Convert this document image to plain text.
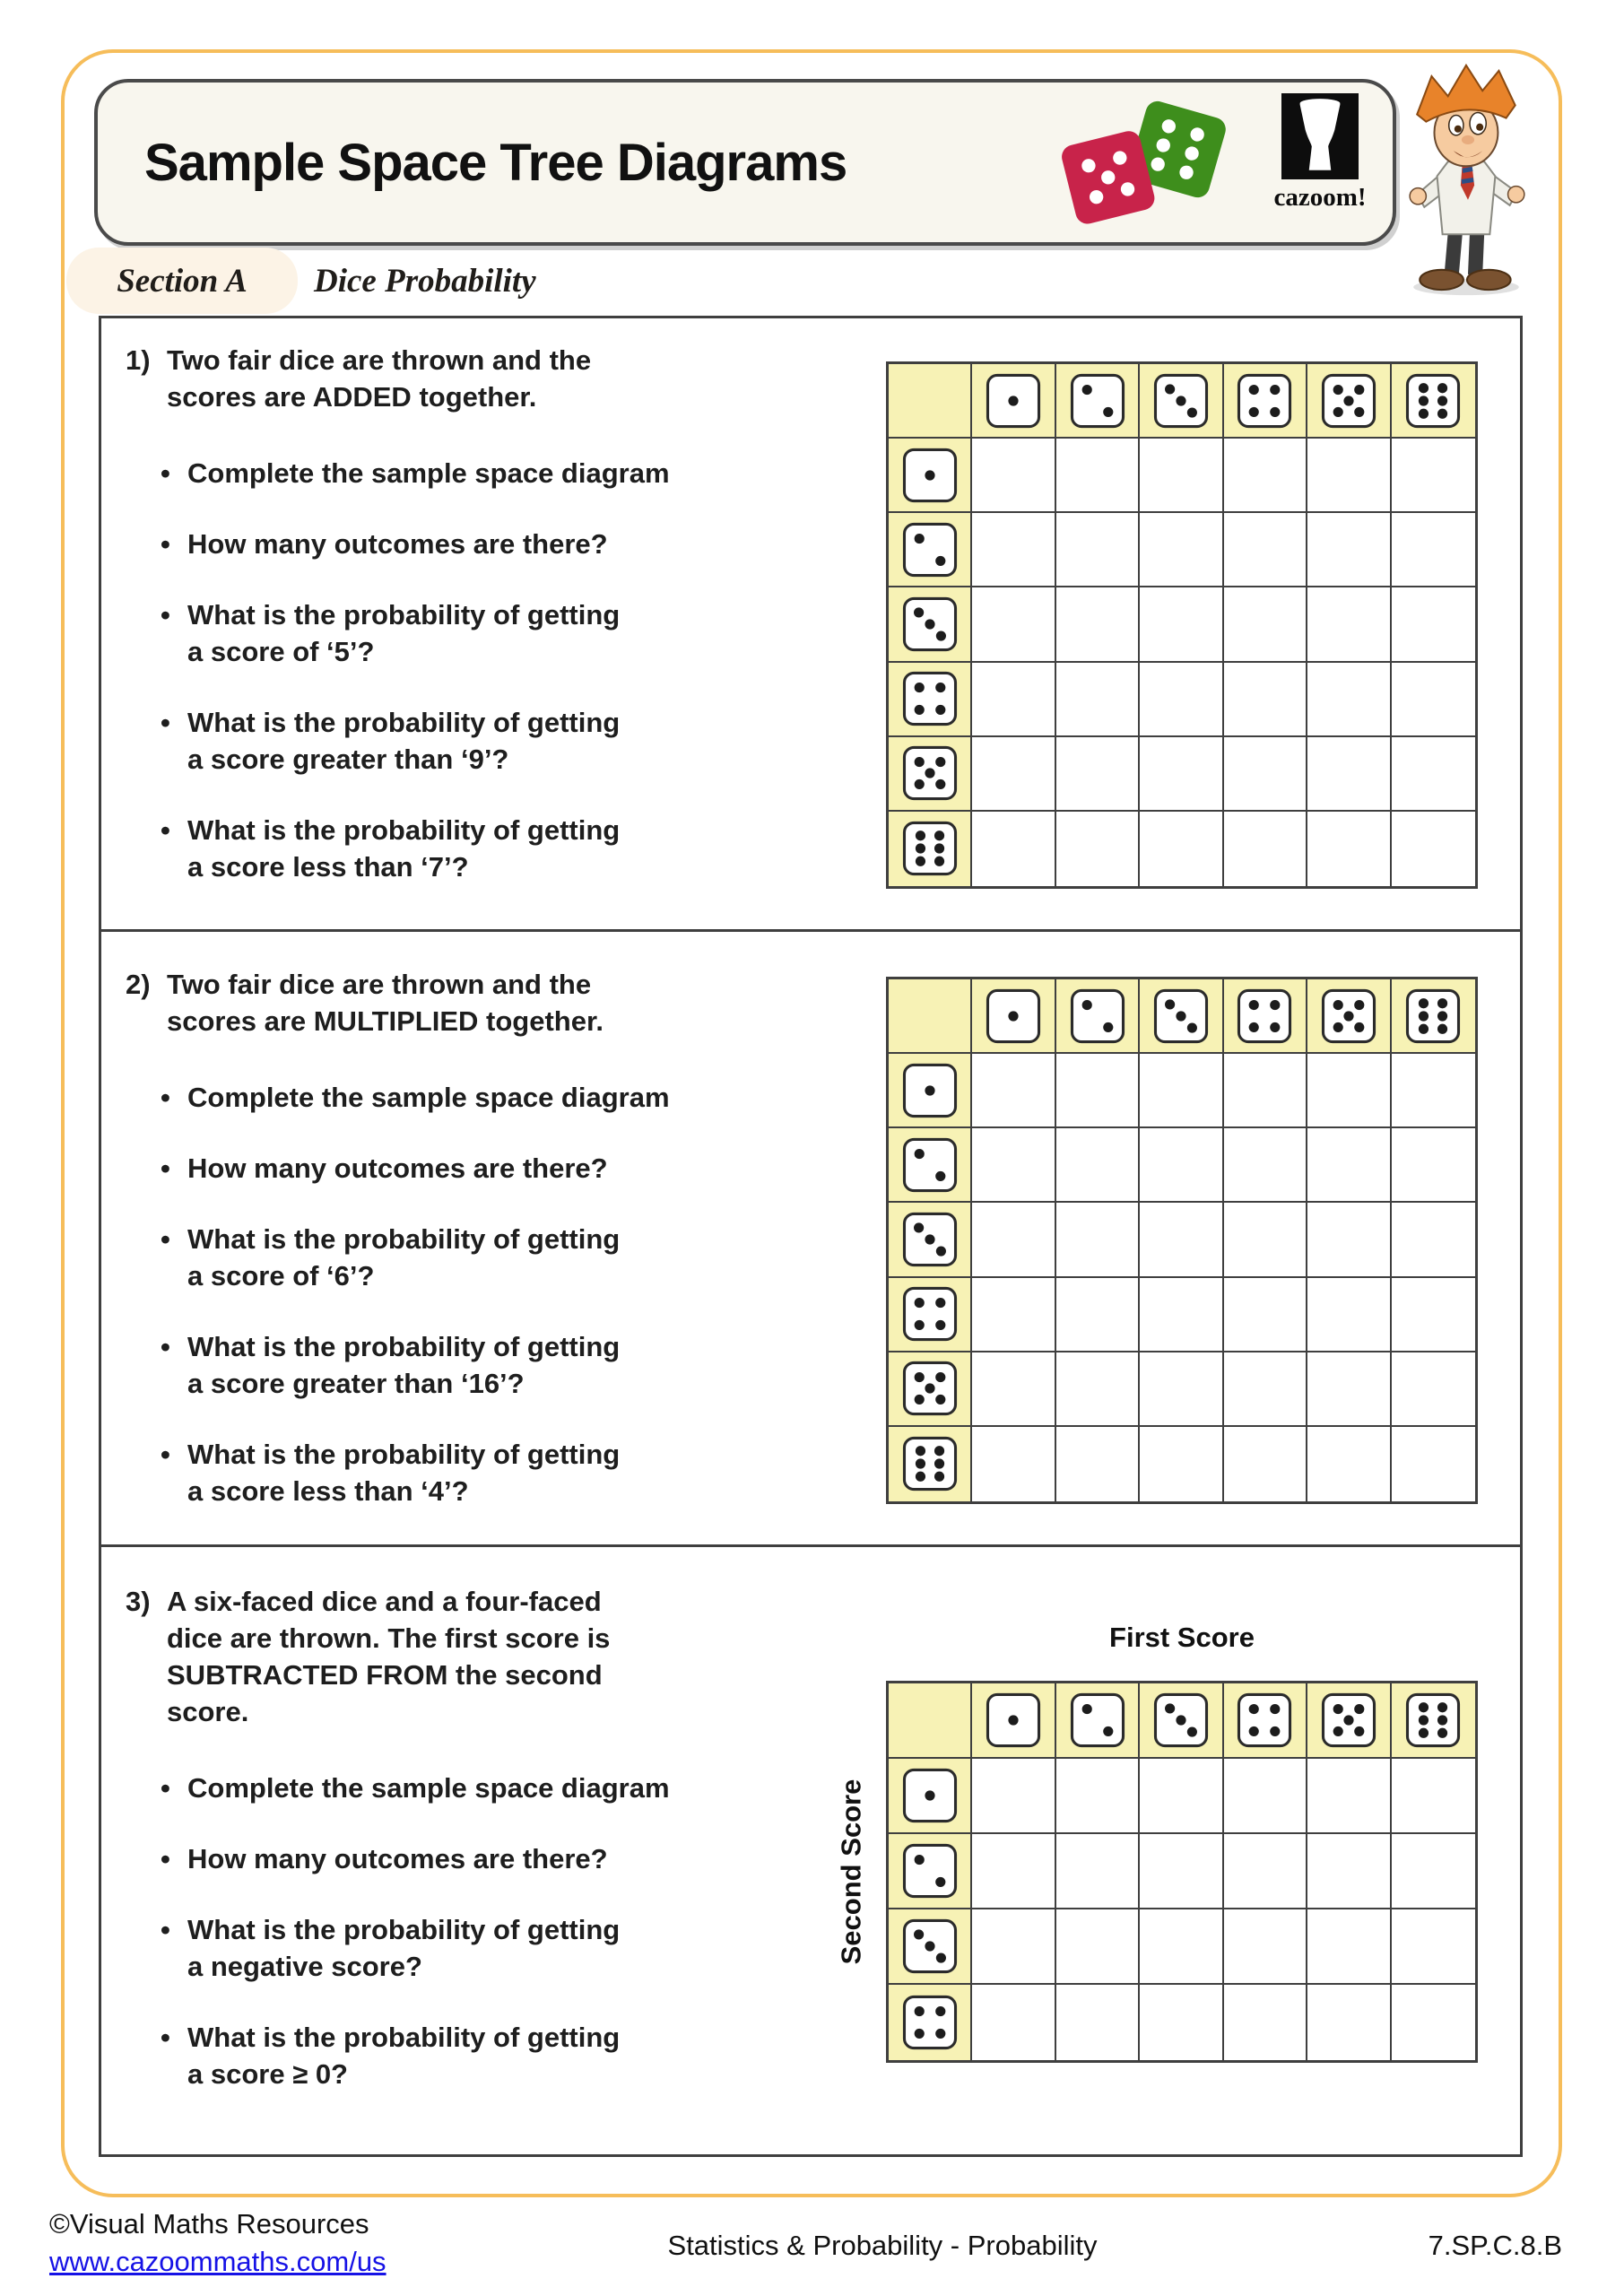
Sample Space Tree Diagrams
cazoom!
Section A Dice Probability
1) Two fair dice are thrown and the
scores are ADDED together.
• Complete the sample space diagram
• How many outcomes are there?
• What is the probability of getting
a score of ‘5’?
• What is the probability of getting
a score greater than ‘9’?
• What is the probability of getting
a score less than ‘7’?
2) Two fair dice are thrown and the
scores are MULTIPLIED together.
• Complete the sample space diagram
• How many outcomes are there?
• What is the probability of getting
a score of ‘6’?
• What is the probability of getting
a score greater than ‘16’?
• What is the probability of getting
a score less than ‘4’?
3) A six-faced dice and a four-faced
dice are thrown. The first score is
SUBTRACTED FROM the second
score.
• Complete the sample space diagram
• How many outcomes are there?
• What is the probability of getting
a negative score?
• What is the probability of getting
a score ≥ 0?
First Score
Second Score
©Visual Maths Resources
www.cazoommaths.com/us
Statistics & Probability - Probability	7.SP.C.8.B
